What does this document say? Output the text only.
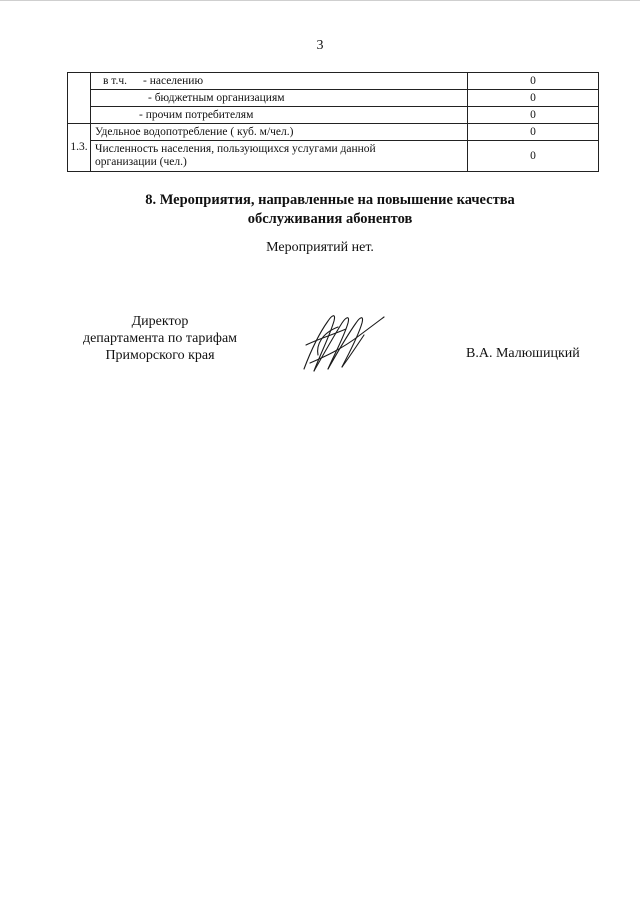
3
	в т.ч. - населению	0
	- бюджетным организациям	0
	- прочим потребителям	0
1.3.	Удельное водопотребление ( куб. м/чел.)	0
	Численность населения, пользующихся услугами данной организации (чел.)	0
8. Мероприятия, направленные на повышение качества
обслуживания абонентов
Мероприятий нет.
Директор
департамента по тарифам
Приморского края	В.А. Малюшицкий
